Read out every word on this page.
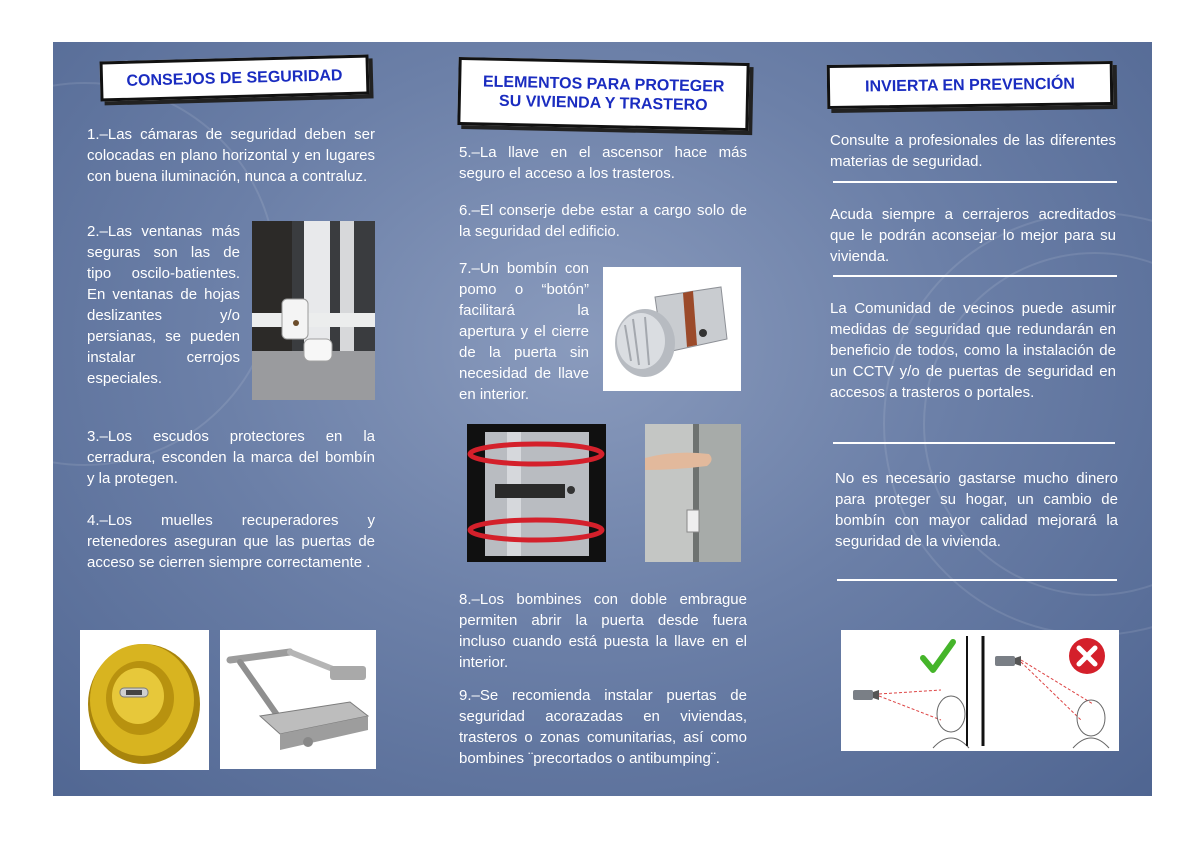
CONSEJOS DE SEGURIDAD

1.–Las cámaras de seguridad deben ser colocadas en plano horizontal y en lugares con buena iluminación, nunca a contraluz.

2.–Las ventanas más seguras son las de tipo oscilo-batientes. En ventanas de hojas deslizantes y/o persianas, se pueden instalar cerrojos especiales.

3.–Los escudos protectores en la cerradura, esconden la marca del bombín y la protegen.

4.–Los muelles recuperadores y retenedores aseguran que las puertas de acceso se cierren siempre correctamente .

ELEMENTOS PARA PROTEGER
SU VIVIENDA Y TRASTERO

5.–La llave en el ascensor hace más seguro el acceso a los trasteros.

6.–El conserje debe estar a cargo solo de la seguridad del edificio.

7.–Un bombín con pomo o “botón” facilitará la apertura y el cierre de la puerta sin necesidad de llave en interior.

8.–Los bombines con doble embrague permiten abrir la puerta desde fuera incluso cuando está puesta la llave en el interior.

9.–Se recomienda instalar puertas de seguridad acorazadas en viviendas, trasteros o zonas comunitarias, así como bombines ¨precortados o antibumping¨.

INVIERTA EN PREVENCIÓN

Consulte a profesionales de las diferentes materias de seguridad.

Acuda siempre a cerrajeros acreditados que le podrán aconsejar lo mejor para su vivienda.

La Comunidad de vecinos puede asumir medidas de seguridad que redundarán en beneficio de todos, como la instalación de un CCTV y/o de puertas de seguridad en accesos a trasteros o portales.

No es necesario gastarse mucho dinero para proteger su hogar, un cambio de bombín con mayor calidad mejorará la seguridad de la vivienda.
